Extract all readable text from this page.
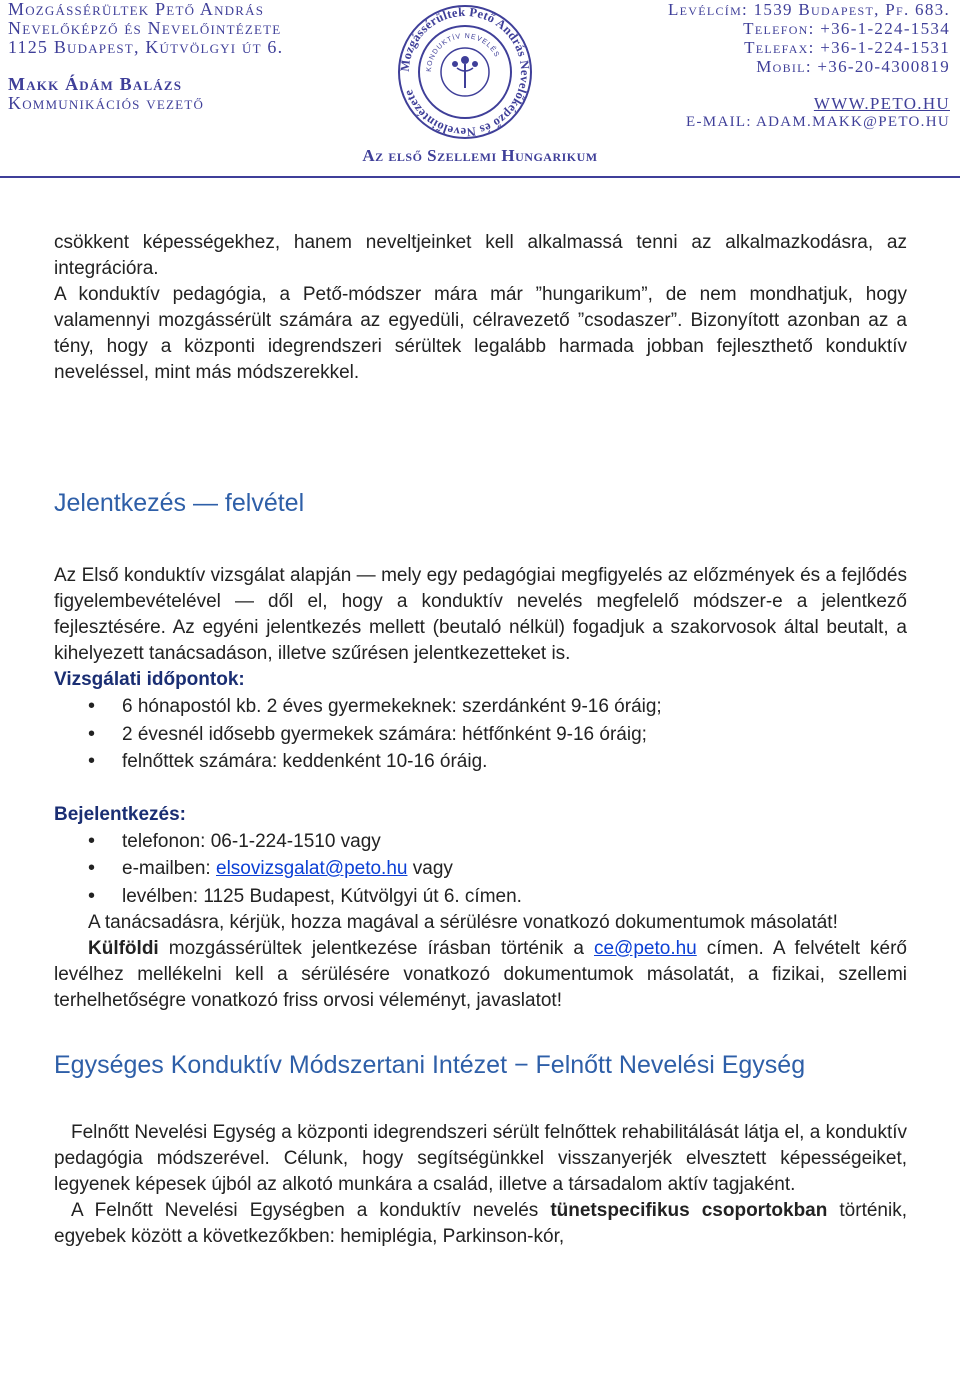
Mozgássérültek Pető András
Nevelőképző és Nevelőintézete
1125 Budapest, Kútvölgyi út 6.
Makk Ádám Balázs
Kommunikációs vezető
Mozgássérültek Pető András Nevelőképző és Nevelőintézete
KONDUKTÍV NEVELÉS
Levélcím: 1539 Budapest, Pf. 683.
Telefon: +36-1-224-1534
Telefax: +36-1-224-1531
Mobil: +36-20-4300819
WWW.PETO.HU
E-MAIL: ADAM.MAKK@PETO.HU
Az első Szellemi Hungarikum

csökkent képességekhez, hanem neveltjeinket kell alkalmassá tenni az alkalmazkodásra, az integrációra.

A konduktív pedagógia, a Pető-módszer mára már ”hungarikum”, de nem mondhatjuk, hogy valamennyi mozgássérült számára az egyedüli, célravezető ”csodaszer”. Bizonyított azonban az a tény, hogy a központi idegrendszeri sérültek legalább harmada jobban fejleszthető konduktív neveléssel, mint más módszerekkel.

Jelentkezés — felvétel

Az Első konduktív vizsgálat alapján — mely egy pedagógiai megfigyelés az előzmények és a fejlődés figyelembevételével — dől el, hogy a konduktív nevelés megfelelő módszer-e a jelentkező fejlesztésére. Az egyéni jelentkezés mellett (beutaló nélkül) fogadjuk a szakorvosok által beutalt, a kihelyezett tanácsadáson, illetve szűrésen jelentkezetteket is.

Vizsgálati időpontok:
• 6 hónapostól kb. 2 éves gyermekeknek: szerdánként 9-16 óráig;
• 2 évesnél idősebb gyermekek számára: hétfőnként 9-16 óráig;
• felnőttek számára: keddenként 10-16 óráig.
Bejelentkezés:
• telefonon: 06-1-224-1510 vagy
• e-mailben: elsovizsgalat@peto.hu vagy
• levélben: 1125 Budapest, Kútvölgyi út 6. címen.

A tanácsadásra, kérjük, hozza magával a sérülésre vonatkozó dokumentumok másolatát!

Külföldi mozgássérültek jelentkezése írásban történik a ce@peto.hu címen. A felvételt kérő levélhez mellékelni kell a sérülésére vonatkozó dokumentumok másolatát, a fizikai, szellemi terhelhetőségre vonatkozó friss orvosi véleményt, javaslatot!

Egységes Konduktív Módszertani Intézet − Felnőtt Nevelési Egység

Felnőtt Nevelési Egység a központi idegrendszeri sérült felnőttek rehabilitálását látja el, a konduktív pedagógia módszerével. Célunk, hogy segítségünkkel visszanyerjék elvesztett képességeiket, legyenek képesek újból az alkotó munkára a család, illetve a társadalom aktív tagjaként.

A Felnőtt Nevelési Egységben a konduktív nevelés tünetspecifikus csoportokban történik, egyebek között a következőkben: hemiplégia, Parkinson-kór,
